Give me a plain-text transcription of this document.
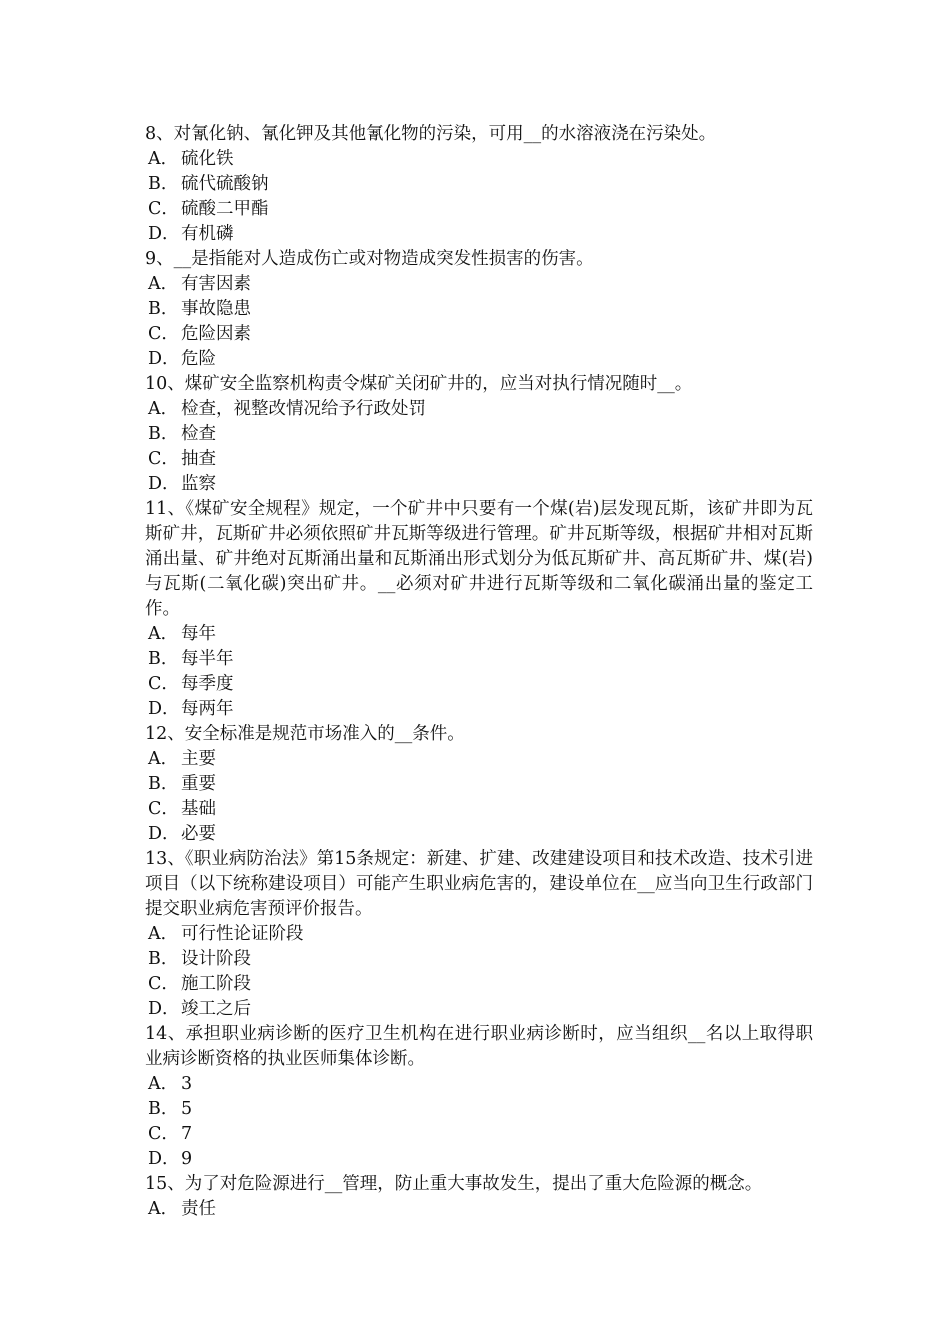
8、对氰化钠、氰化钾及其他氰化物的污染，可用__的水溶液浇在污染处。
A． 硫化铁
B． 硫代硫酸钠
C． 硫酸二甲酯
D．有机磷
9、__是指能对人造成伤亡或对物造成突发性损害的伤害。
A． 有害因素
B． 事故隐患
C． 危险因素
D．危险
10、煤矿安全监察机构责令煤矿关闭矿井的，应当对执行情况随时__。
A． 检查，视整改情况给予行政处罚
B． 检查
C． 抽查
D．监察
11、《煤矿安全规程》规定，一个矿井中只要有一个煤(岩)层发现瓦斯，该矿井即为瓦斯矿井，瓦斯矿井必须依照矿井瓦斯等级进行管理。矿井瓦斯等级，根据矿井相对瓦斯涌出量、矿井绝对瓦斯涌出量和瓦斯涌出形式划分为低瓦斯矿井、高瓦斯矿井、煤(岩)与瓦斯(二氧化碳)突出矿井。__必须对矿井进行瓦斯等级和二氧化碳涌出量的鉴定工作。
A． 每年
B． 每半年
C． 每季度
D．每两年
12、安全标准是规范市场准入的__条件。
A． 主要
B． 重要
C． 基础
D．必要
13、《职业病防治法》第15条规定：新建、扩建、改建建设项目和技术改造、技术引进项目（以下统称建设项目）可能产生职业病危害的，建设单位在__应当向卫生行政部门提交职业病危害预评价报告。
A． 可行性论证阶段
B． 设计阶段
C． 施工阶段
D．竣工之后
14、承担职业病诊断的医疗卫生机构在进行职业病诊断时，应当组织__名以上取得职业病诊断资格的执业医师集体诊断。
A． 3
B． 5
C． 7
D．9
15、为了对危险源进行__管理，防止重大事故发生，提出了重大危险源的概念。
A． 责任
